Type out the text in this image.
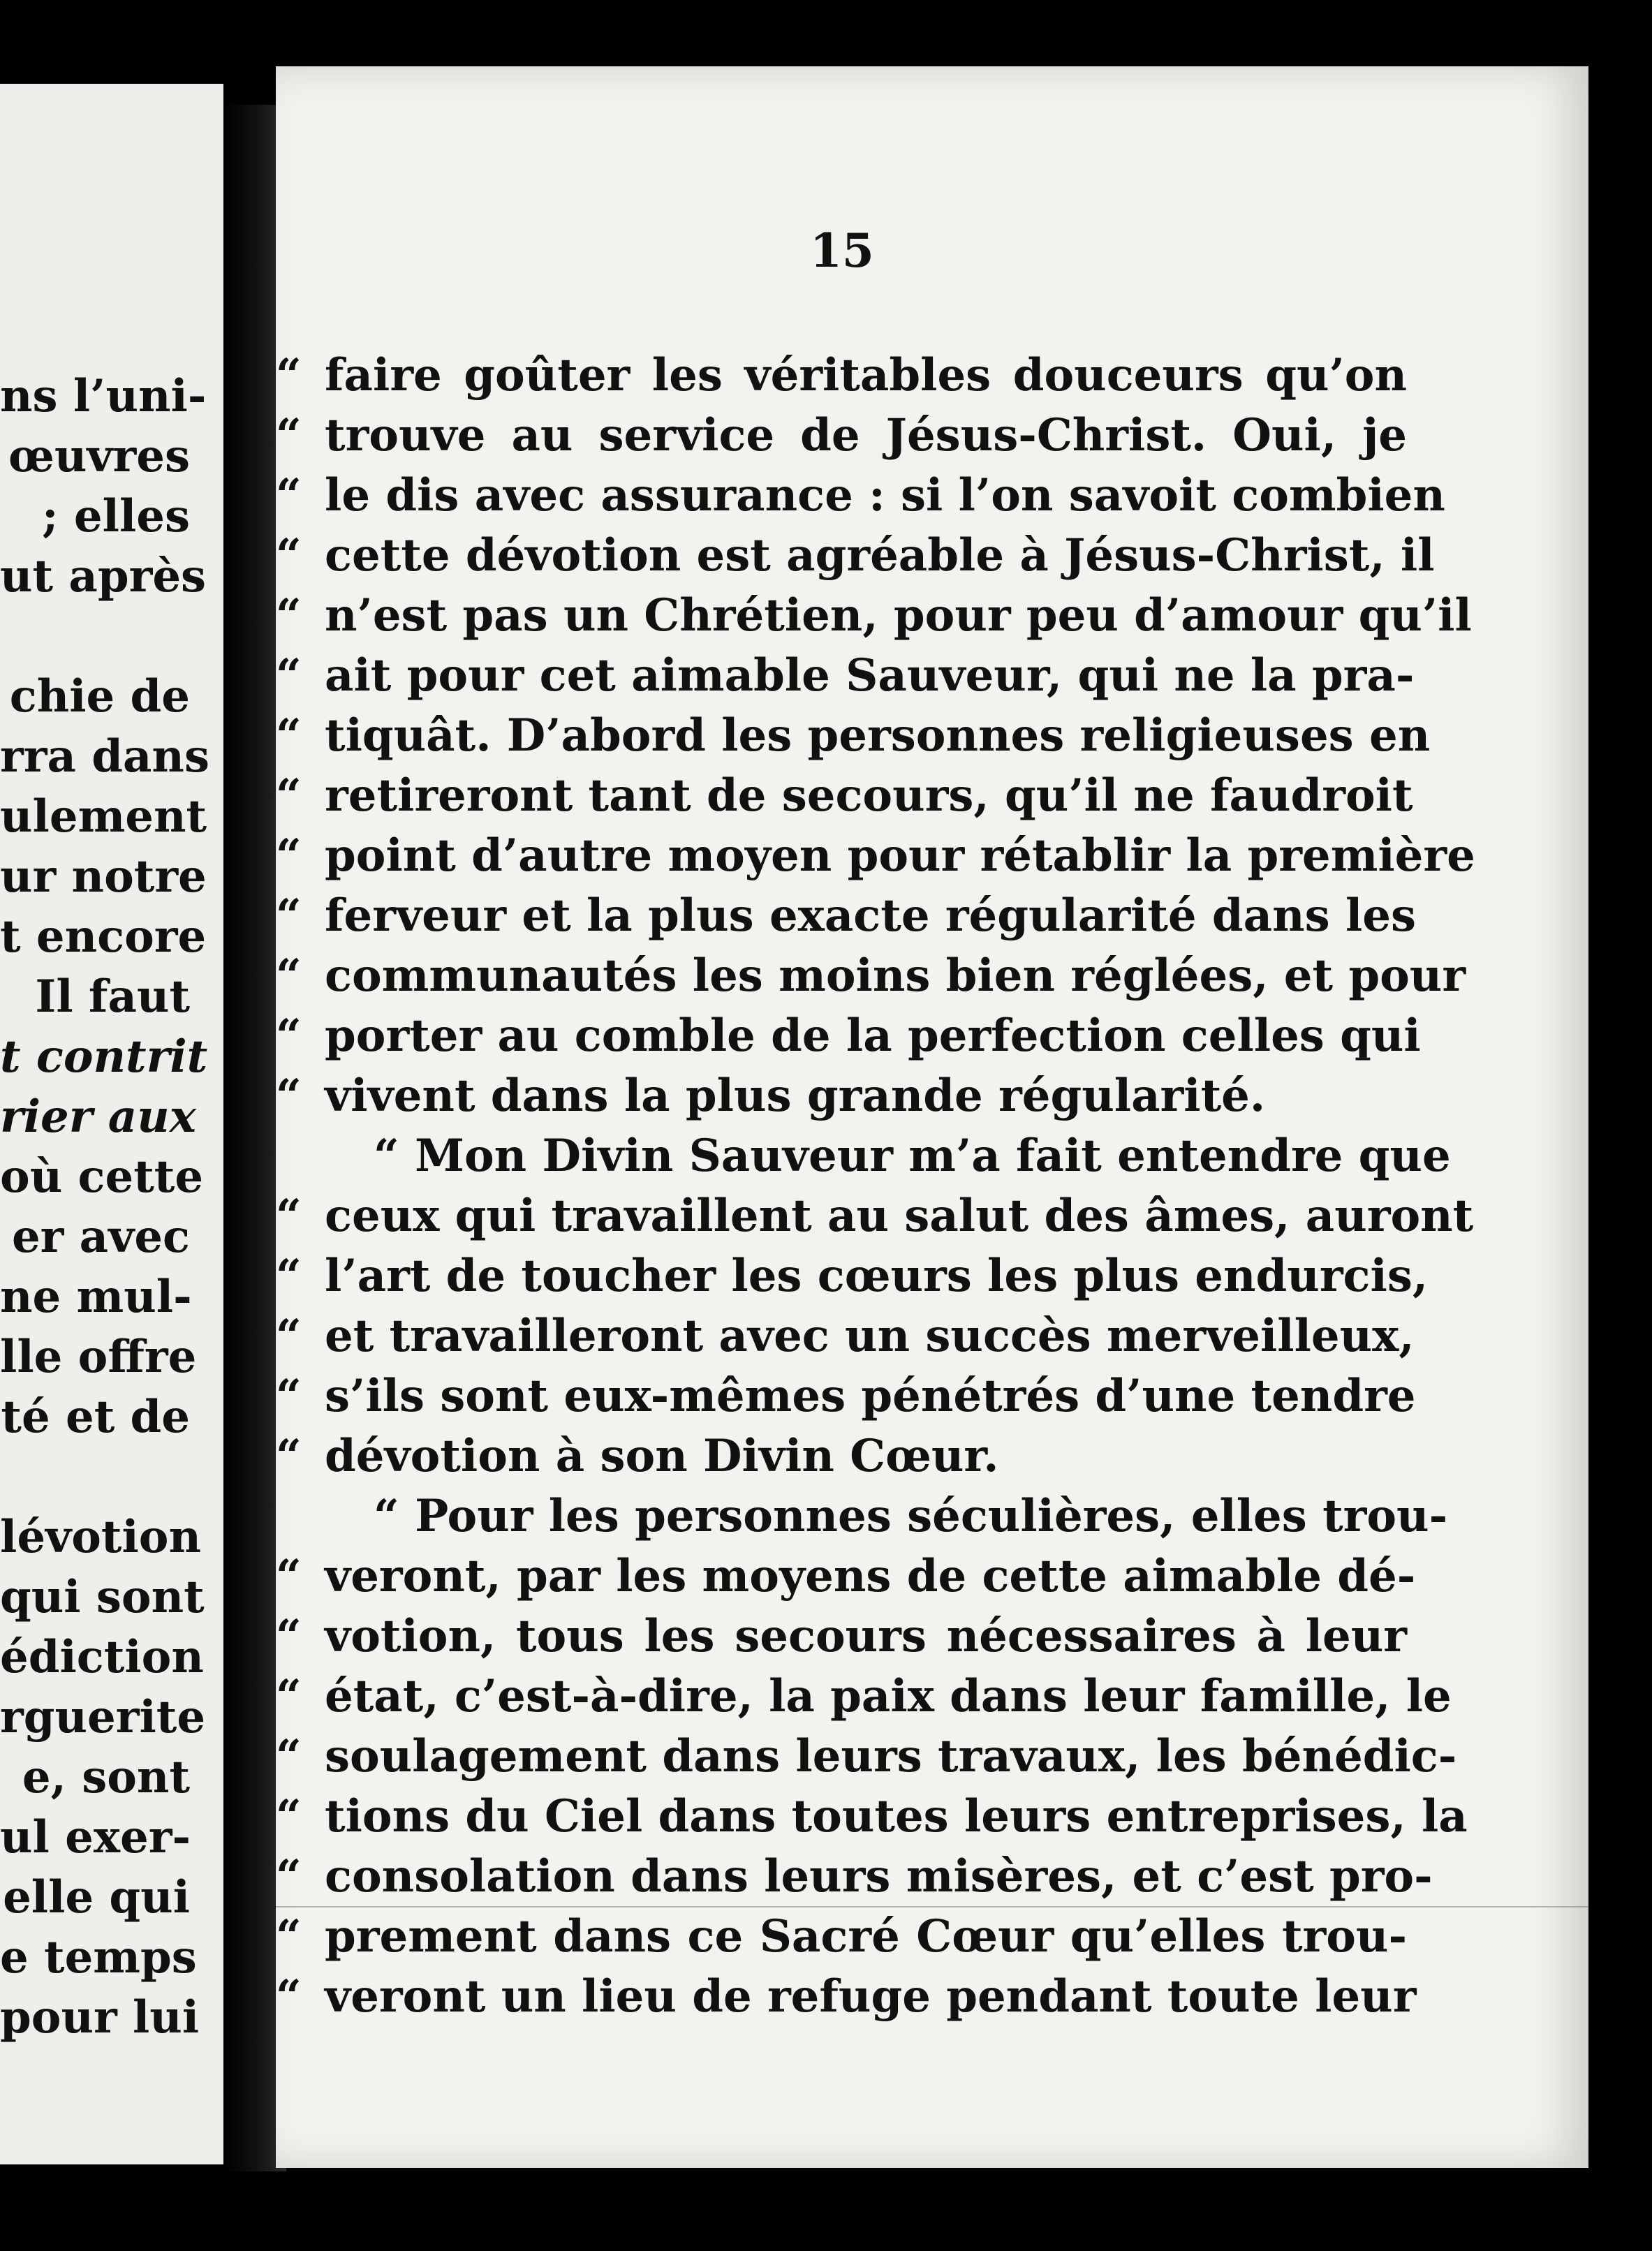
ns l’uni-
œuvres
; elles
ut après
chie de
rra dans
ulement
ur notre
t encore
Il faut
t contrit
rier aux
où cette
er avec
ne mul-
lle offre
té et de
lévotion
qui sont
édiction
rguerite
e, sont
ul exer-
elle qui
e temps
pour lui
15
“ faire goûter les véritables douceurs qu’on
“ trouve au service de Jésus-Christ. Oui, je
“ le dis avec assurance : si l’on savoit combien
“ cette dévotion est agréable à Jésus-Christ, il
“ n’est pas un Chrétien, pour peu d’amour qu’il
“ ait pour cet aimable Sauveur, qui ne la pra-
“ tiquât. D’abord les personnes religieuses en
“ retireront tant de secours, qu’il ne faudroit
“ point d’autre moyen pour rétablir la première
“ ferveur et la plus exacte régularité dans les
“ communautés les moins bien réglées, et pour
“ porter au comble de la perfection celles qui
“ vivent dans la plus grande régularité.
“ Mon Divin Sauveur m’a fait entendre que
“ ceux qui travaillent au salut des âmes, auront
“ l’art de toucher les cœurs les plus endurcis,
“ et travailleront avec un succès merveilleux,
“ s’ils sont eux-mêmes pénétrés d’une tendre
“ dévotion à son Divin Cœur.
“ Pour les personnes séculières, elles trou-
“ veront, par les moyens de cette aimable dé-
“ votion, tous les secours nécessaires à leur
“ état, c’est-à-dire, la paix dans leur famille, le
“ soulagement dans leurs travaux, les bénédic-
“ tions du Ciel dans toutes leurs entreprises, la
“ consolation dans leurs misères, et c’est pro-
“ prement dans ce Sacré Cœur qu’elles trou-
“ veront un lieu de refuge pendant toute leur
